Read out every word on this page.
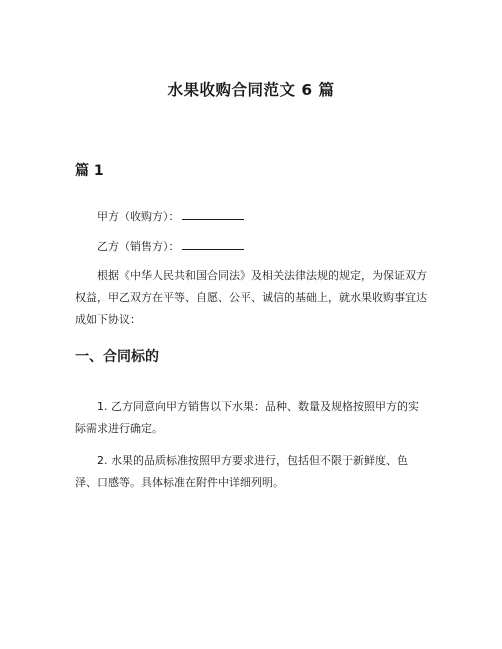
水果收购合同范文 6 篇
篇 1

甲方（收购方）：

乙方（销售方）：

根据《中华人民共和国合同法》及相关法律法规的规定，为保证双方权益，甲乙双方在平等、自愿、公平、诚信的基础上，就水果收购事宜达成如下协议：

一、合同标的

1. 乙方同意向甲方销售以下水果：品种、数量及规格按照甲方的实际需求进行确定。

2. 水果的品质标准按照甲方要求进行，包括但不限于新鲜度、色泽、口感等。具体标准在附件中详细列明。
